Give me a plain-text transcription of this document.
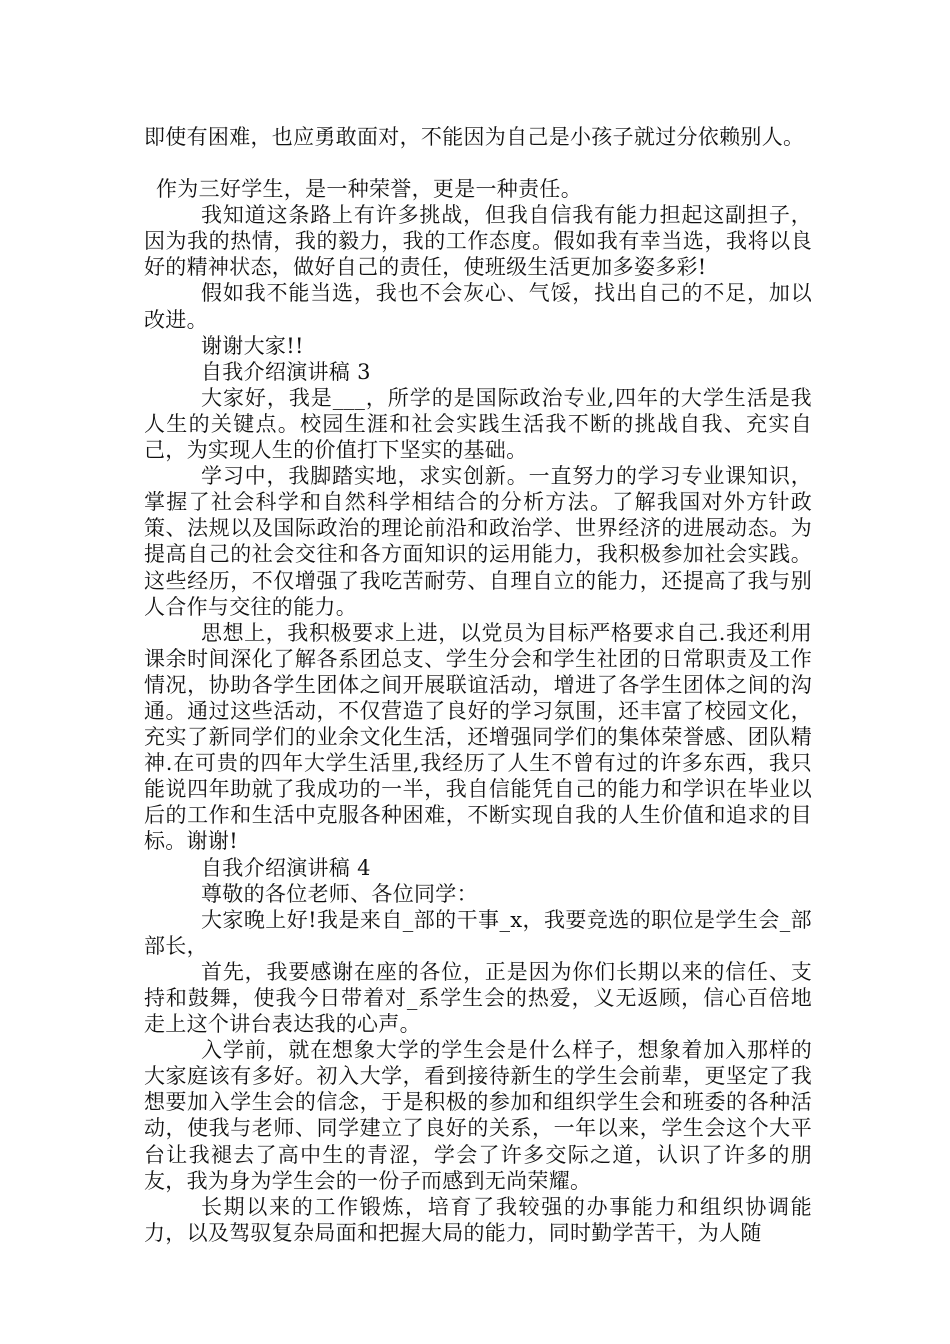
即使有困难，也应勇敢面对，不能因为自己是小孩子就过分依赖别人。

作为三好学生，是一种荣誉，更是一种责任。

我知道这条路上有许多挑战，但我自信我有能力担起这副担子，因为我的热情，我的毅力，我的工作态度。假如我有幸当选，我将以良好的精神状态，做好自己的责任，使班级生活更加多姿多彩!

假如我不能当选，我也不会灰心、气馁，找出自己的不足，加以改进。

谢谢大家!!

自我介绍演讲稿 3

大家好，我是___，所学的是国际政治专业,四年的大学生活是我人生的关键点。校园生涯和社会实践生活我不断的挑战自我、充实自己，为实现人生的价值打下坚实的基础。

学习中，我脚踏实地，求实创新。一直努力的学习专业课知识，掌握了社会科学和自然科学相结合的分析方法。了解我国对外方针政策、法规以及国际政治的理论前沿和政治学、世界经济的进展动态。为提高自己的社会交往和各方面知识的运用能力，我积极参加社会实践。这些经历，不仅增强了我吃苦耐劳、自理自立的能力，还提高了我与别人合作与交往的能力。

思想上，我积极要求上进，以党员为目标严格要求自己.我还利用课余时间深化了解各系团总支、学生分会和学生社团的日常职责及工作情况，协助各学生团体之间开展联谊活动，增进了各学生团体之间的沟通。通过这些活动，不仅营造了良好的学习氛围，还丰富了校园文化，充实了新同学们的业余文化生活，还增强同学们的集体荣誉感、团队精神.在可贵的四年大学生活里,我经历了人生不曾有过的许多东西，我只能说四年助就了我成功的一半，我自信能凭自己的能力和学识在毕业以后的工作和生活中克服各种困难，不断实现自我的人生价值和追求的目标。谢谢!

自我介绍演讲稿 4

尊敬的各位老师、各位同学：

大家晚上好!我是来自_部的干事_x，我要竞选的职位是学生会_部部长，

首先，我要感谢在座的各位，正是因为你们长期以来的信任、支持和鼓舞，使我今日带着对_系学生会的热爱，义无返顾，信心百倍地走上这个讲台表达我的心声。

入学前，就在想象大学的学生会是什么样子，想象着加入那样的大家庭该有多好。初入大学，看到接待新生的学生会前辈，更坚定了我想要加入学生会的信念，于是积极的参加和组织学生会和班委的各种活动，使我与老师、同学建立了良好的关系，一年以来，学生会这个大平台让我褪去了高中生的青涩，学会了许多交际之道，认识了许多的朋友，我为身为学生会的一份子而感到无尚荣耀。

长期以来的工作锻炼，培育了我较强的办事能力和组织协调能力，以及驾驭复杂局面和把握大局的能力，同时勤学苦干，为人随
